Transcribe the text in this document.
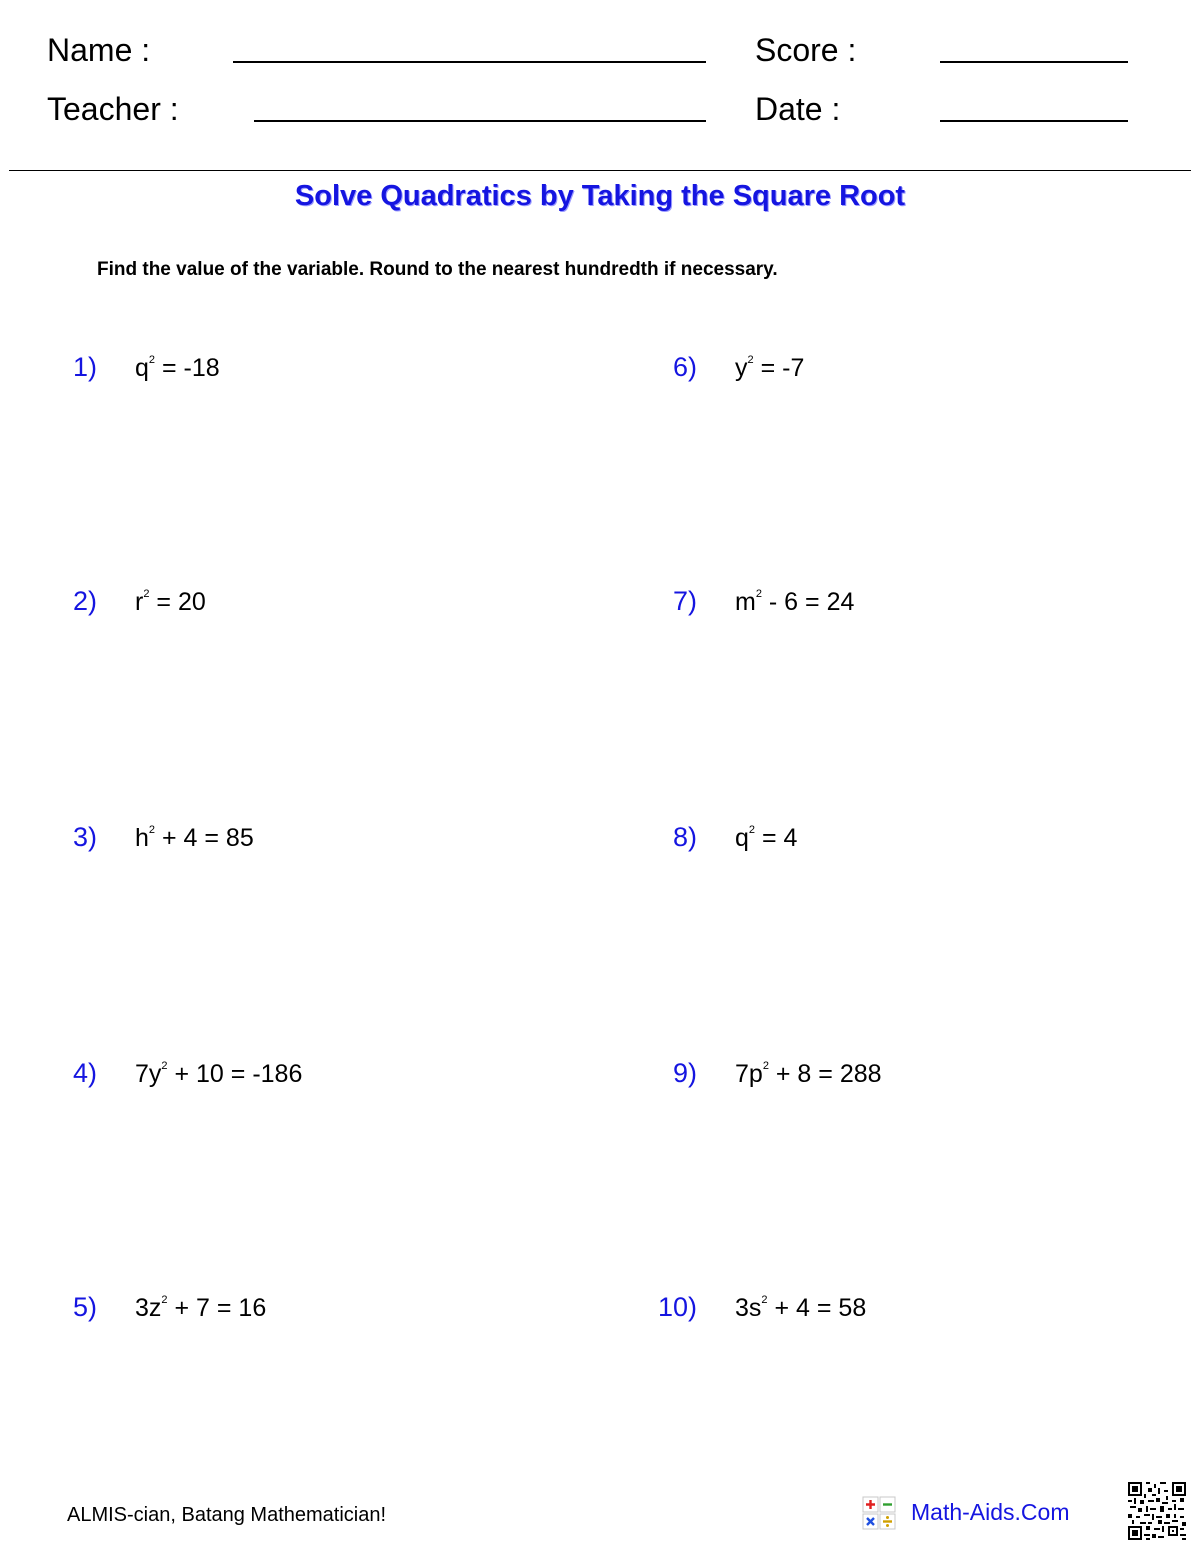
Name :
Teacher :
Score :
Date :
Solve Quadratics by Taking the Square Root
Find the value of the variable. Round to the nearest hundredth if necessary.
1) $q^2 = -18$
2) $r^2 = 20$
3) $h^2 + 4 = 85$
4) $7y^2 + 10 = -186$
5) $3z^2 + 7 = 16$
6) $y^2 = -7$
7) $m^2 - 6 = 24$
8) $q^2 = 4$
9) $7p^2 + 8 = 288$
10) $3s^2 + 4 = 58$
ALMIS-cian, Batang Mathematician!	Math-Aids.Com
